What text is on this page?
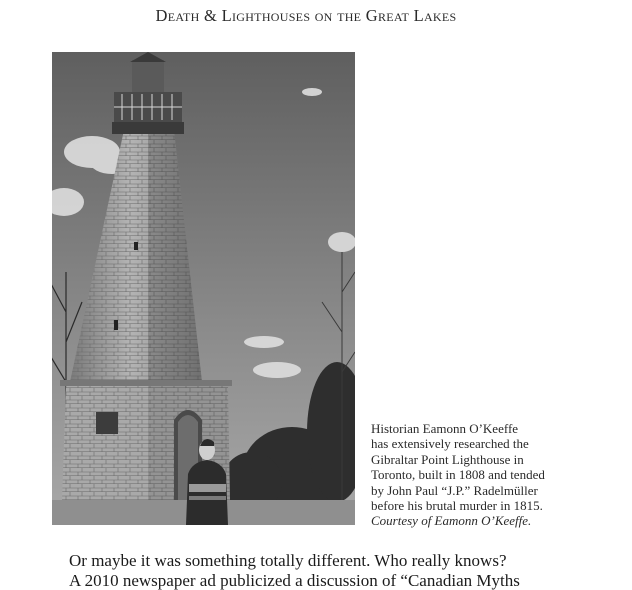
Death & Lighthouses on the Great Lakes
Historian Eamonn O’Keeffe
has extensively researched the
Gibraltar Point Lighthouse in
Toronto, built in 1808 and tended
by John Paul “J.P.” Radelmüller
before his brutal murder in 1815.
Courtesy of Eamonn O’Keeffe.

Or maybe it was something totally different. Who really knows?

A 2010 newspaper ad publicized a discussion of “Canadian Myths
